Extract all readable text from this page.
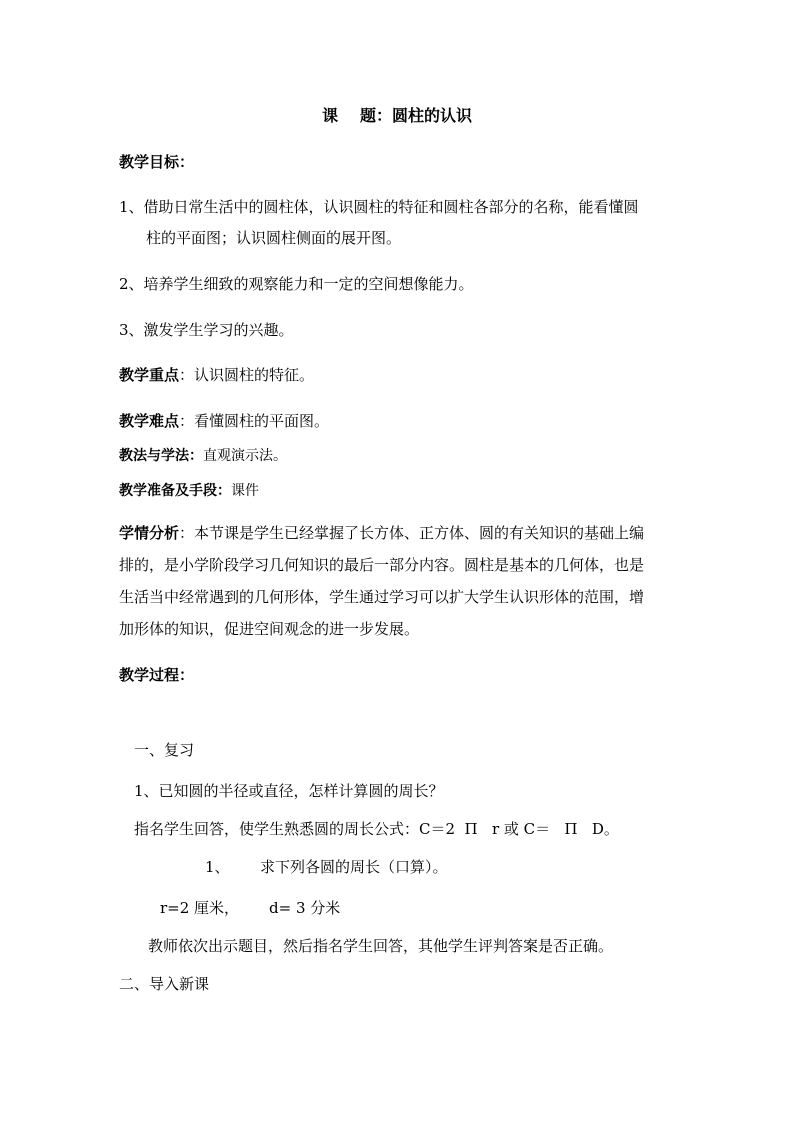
课 题：圆柱的认识
教学目标：
1、借助日常生活中的圆柱体，认识圆柱的特征和圆柱各部分的名称，能看懂圆
柱的平面图；认识圆柱侧面的展开图。
2、培养学生细致的观察能力和一定的空间想像能力。
3、激发学生学习的兴趣。
教学重点：认识圆柱的特征。
教学难点：看懂圆柱的平面图。
教法与学法：直观演示法。
教学准备及手段：课件
学情分析：本节课是学生已经掌握了长方体、正方体、圆的有关知识的基础上编
排的，是小学阶段学习几何知识的最后一部分内容。圆柱是基本的几何体，也是
生活当中经常遇到的几何形体，学生通过学习可以扩大学生认识形体的范围，增
加形体的知识，促进空间观念的进一步发展。
教学过程：
一、复习
1、已知圆的半径或直径，怎样计算圆的周长？
指名学生回答，使学生熟悉圆的周长公式：C＝2  Π   r 或 C＝   Π   D。
1、 求下列各圆的周长（口算）。
r=2 厘米， d= 3 分米
教师依次出示题目，然后指名学生回答，其他学生评判答案是否正确。
二、导入新课
